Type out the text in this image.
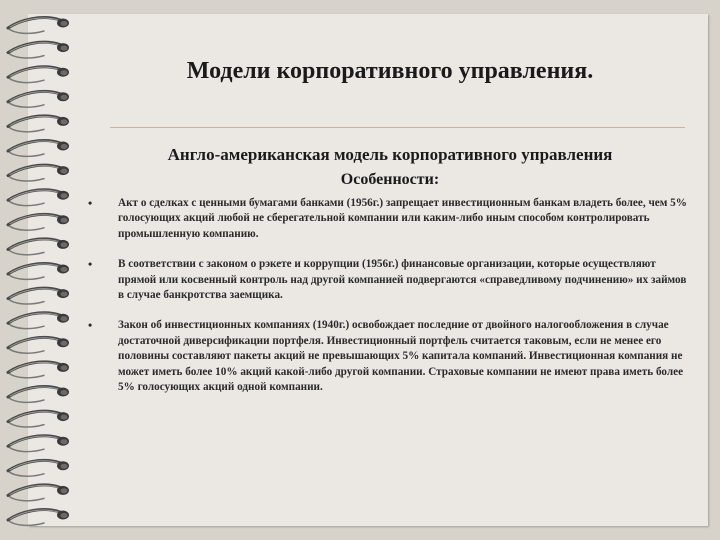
Модели корпоративного управления.
Англо-американская модель корпоративного управления
Особенности:
• Акт о сделках с ценными бумагами банками (1956г.) запрещает инвестиционным банкам владеть более, чем 5% голосующих акций любой не сберегательной компании или каким-либо иным способом контролировать промышленную компанию.
• В соответствии с законом о рэкете и коррупции (1956г.) финансовые организации, которые осуществляют прямой или косвенный контроль над другой компанией подвергаются «справедливому подчинению» их займов в случае банкротства заемщика.
• Закон об инвестиционных компаниях (1940г.) освобождает последние от двойного налогообложения в случае достаточной диверсификации портфеля. Инвестиционный портфель считается таковым, если не менее его половины составляют пакеты акций не превышающих 5% капитала компаний. Инвестиционная компания не может иметь более 10% акций какой-либо другой компании. Страховые компании не имеют права иметь более 5% голосующих акций одной компании.
